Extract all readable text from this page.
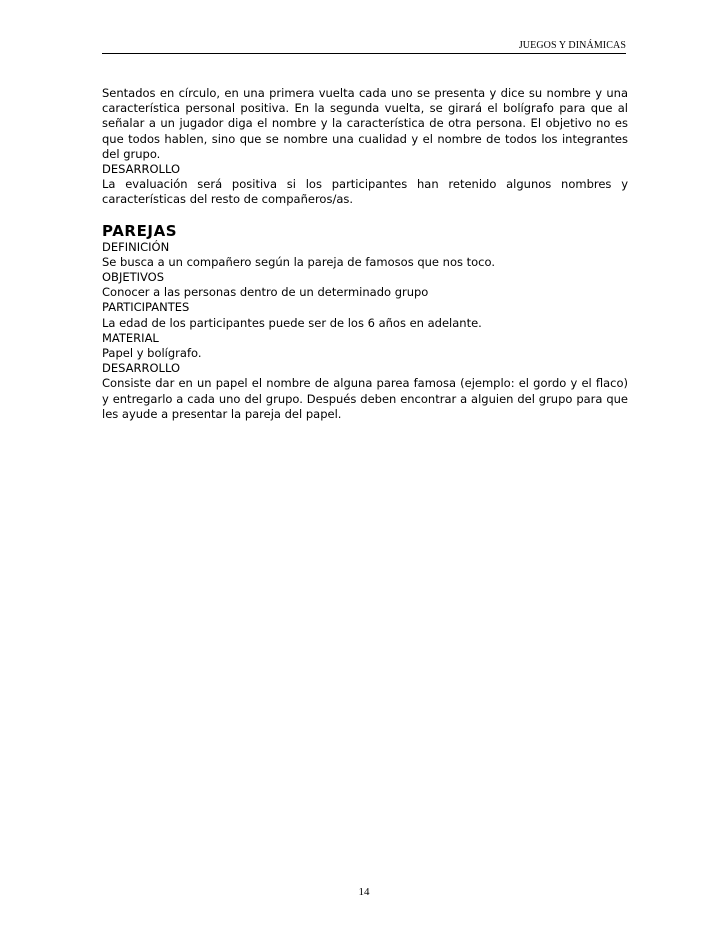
JUEGOS Y DINÁMICAS

Sentados en círculo, en una primera vuelta cada uno se presenta y dice su nombre y una característica personal positiva. En la segunda vuelta, se girará el bolígrafo para que al señalar a un jugador diga el nombre y la característica de otra persona. El objetivo no es que todos hablen, sino que se nombre una cualidad y el nombre de todos los integrantes del grupo.

DESARROLLO

La evaluación será positiva si los participantes han retenido algunos nombres y características del resto de compañeros/as.

PAREJAS
DEFINICIÓN

Se busca a un compañero según la pareja de famosos que nos toco.

OBJETIVOS

Conocer a las personas dentro de un determinado grupo

PARTICIPANTES

La edad de los participantes puede ser de los 6 años en adelante.

MATERIAL

Papel y bolígrafo.

DESARROLLO

Consiste dar en un papel el nombre de alguna parea famosa (ejemplo: el gordo y el flaco) y entregarlo a cada uno del grupo. Después deben encontrar a alguien del grupo para que les ayude a presentar la pareja del papel.

14
